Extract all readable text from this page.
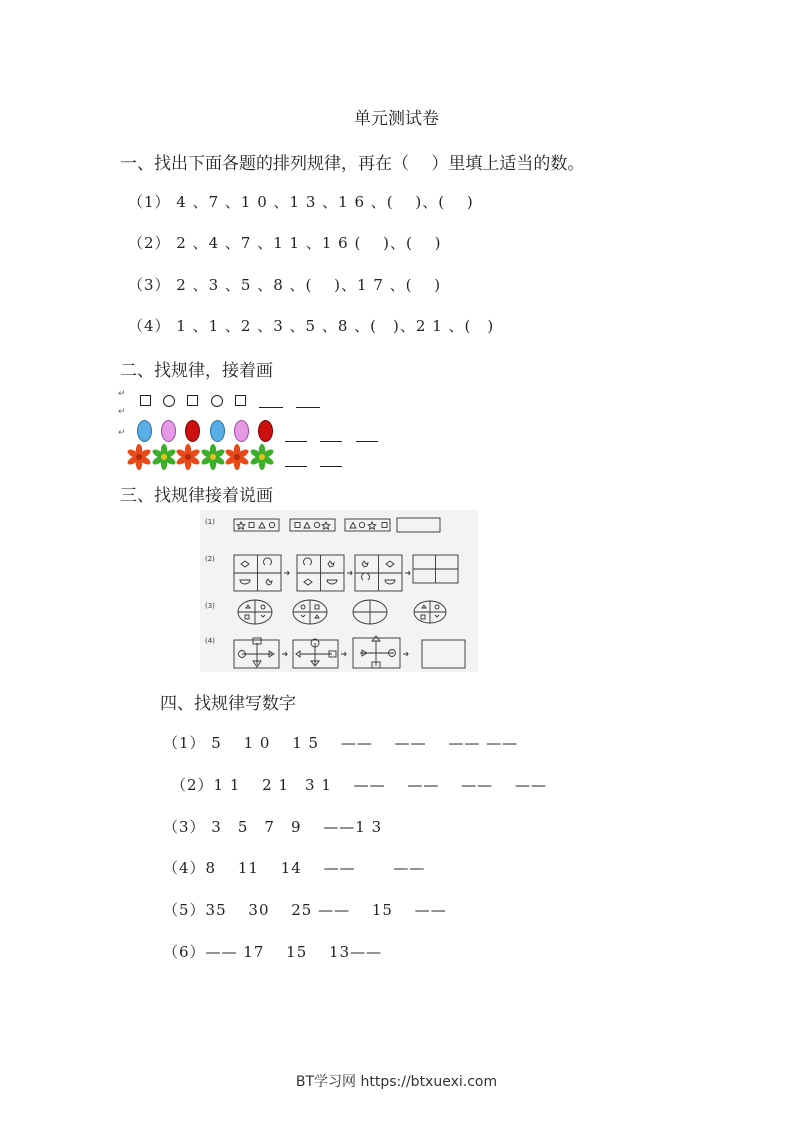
单元测试卷
一、找出下面各题的排列规律，再在（　 ）里填上适当的数。
（1） 4 、7 、1 0 、1 3 、1 6 、(　 )、(　 )
（2） 2 、4 、7 、1 1 、1 6 (　 )、(　 )
（3） 2 、3 、5 、8 、(　 )、1 7 、(　 )
（4） 1 、1 、2 、3 、5 、8 、(　)、2 1 、(　)
二、找规律，接着画
↵
↵
↵
三、找规律接着说画
(1)
(2)
(3)
(4)
四、找规律写数字
（1） 5　 1 0　 1 5　 ——　 ——　 —— ——
（2）1 1　 2 1　3 1　 ——　 ——　 ——　 ——
（3） 3　5　7　9　 ——1 3
（4）8　 11　 14　 ——　　 ——
（5）35　 30　 25 ——　 15　 ——
（6）—— 17　 15　 13——
BT学习网 https://btxuexi.com
